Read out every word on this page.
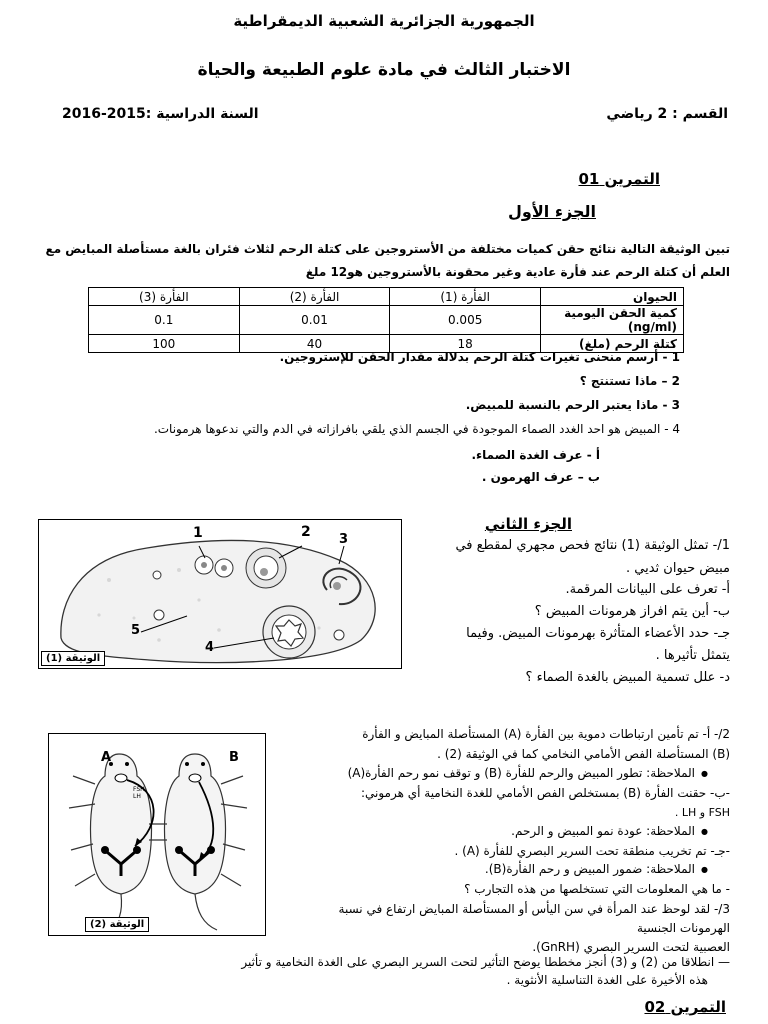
الجمهورية الجزائرية الشعبية الديمقراطية
الاختبار الثالث في مادة علوم الطبيعة والحياة
القسم : 2 رياضي
السنة الدراسية :2015-2016
التمرين 01
الجزء الأول
تبين الوثيقة التالية نتائج حقن كميات مختلفة من الأستروجين على كتلة الرحم لثلاث فئران بالغة مستأصلة المبايض مع
العلم أن كتلة الرحم عند فأرة عادية وغير محقونة بالأستروجين هو12 ملغ
الحيوان	الفأرة (1)	الفأرة (2)	الفأرة (3)
كمية الحقن اليومية (ng/ml)	0.005	0.01	0.1
كتلة الرحم (ملغ)	18	40	100
1 - أرسم منحنى تغيرات كتلة الرحم بدلالة مقدار الحقن للإستروجين.
2 – ماذا تستنتج ؟
3 - ماذا يعتبر الرحم بالنسبة للمبيض.
4 - المبيض هو احد الغدد الصماء الموجودة في الجسم الذي يلقي بافرازاته في الدم والتي ندعوها هرمونات.
أ - عرف الغدة الصماء.
ب – عرف الهرمون .
الجزء الثاني
1/- تمثل الوثيقة (1) نتائج فحص مجهري لمقطع في
مبيض حيوان ثديي .
أ- تعرف على البيانات المرقمة.
ب- أين يتم افراز هرمونات المبيض ؟
جـ- حدد الأعضاء المتأثرة بهرمونات المبيض. وفيما
يتمثل تأثيرها .
د- علل تسمية المبيض بالغدة الصماء ؟
1	2 3
4
5
الوثيقة (1)
A	B
FSH
LH
الوثيقة (2)
2/- أ- تم تأمين ارتباطات دموية بين الفأرة (A) المستأصلة المبايض و الفأرة
(B) المستأصلة الفص الأمامي النخامي كما في الوثيقة (2) .
● الملاحظة: تطور المبيض والرحم للفأرة (B) و توقف نمو رحم الفأرة(A)
-ب- حقنت الفأرة (B) بمستخلص الفص الأمامي للغدة النخامية أي هرموني:
FSH و LH .
● الملاحظة: عودة نمو المبيض و الرحم.
-جـ- تم تخريب منطقة تحت السرير البصري للفأرة (A) .
● الملاحظة: ضمور المبيض و رحم الفأرة(B).
- ما هي المعلومات التي تستخلصها من هذه التجارب ؟
3/- لقد لوحظ عند المرأة في سن اليأس أو المستأصلة المبايض ارتفاع في نسبة
الهرمونات الجنسية
العصبية لتحت السرير البصري (GnRH).
— انطلاقا من (2) و (3) أنجز مخططا يوضح التأثير لتحت السرير البصري على الغدة النخامية و تأثير
هذه الأخيرة على الغدة التناسلية الأنثوية .
التمرين 02
